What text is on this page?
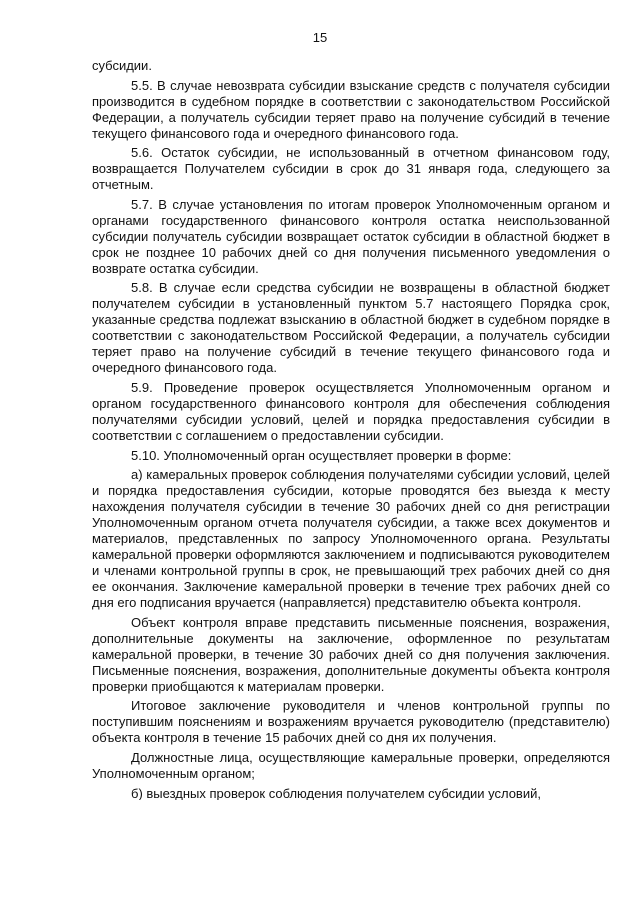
15

субсидии.

5.5. В случае невозврата субсидии взыскание средств с получателя субсидии производится в судебном порядке в соответствии с законодательством Российской Федерации, а получатель субсидии теряет право на получение субсидий в течение текущего финансового года и очередного финансового года.

5.6. Остаток субсидии, не использованный в отчетном финансовом году, возвращается Получателем субсидии в срок до 31 января года, следующего за отчетным.

5.7. В случае установления по итогам проверок Уполномоченным органом и органами государственного финансового контроля остатка неиспользованной субсидии получатель субсидии возвращает остаток субсидии в областной бюджет в срок не позднее 10 рабочих дней со дня получения письменного уведомления о возврате остатка субсидии.

5.8. В случае если средства субсидии не возвращены в областной бюджет получателем субсидии в установленный пунктом 5.7 настоящего Порядка срок, указанные средства подлежат взысканию в областной бюджет в судебном порядке в соответствии с законодательством Российской Федерации, а получатель субсидии теряет право на получение субсидий в течение текущего финансового года и очередного финансового года.

5.9. Проведение проверок осуществляется Уполномоченным органом и органом государственного финансового контроля для обеспечения соблюдения получателями субсидии условий, целей и порядка предоставления субсидии в соответствии с соглашением о предоставлении субсидии.

5.10. Уполномоченный орган осуществляет проверки в форме:

а) камеральных проверок соблюдения получателями субсидии условий, целей и порядка предоставления субсидии, которые проводятся без выезда к месту нахождения получателя субсидии в течение 30 рабочих дней со дня регистрации Уполномоченным органом отчета получателя субсидии, а также всех документов и материалов, представленных по запросу Уполномоченного органа. Результаты камеральной проверки оформляются заключением и подписываются руководителем и членами контрольной группы в срок, не превышающий трех рабочих дней со дня ее окончания. Заключение камеральной проверки в течение трех рабочих дней со дня его подписания вручается (направляется) представителю объекта контроля.

Объект контроля вправе представить письменные пояснения, возражения, дополнительные документы на заключение, оформленное по результатам камеральной проверки, в течение 30 рабочих дней со дня получения заключения. Письменные пояснения, возражения, дополнительные документы объекта контроля проверки приобщаются к материалам проверки.

Итоговое заключение руководителя и членов контрольной группы по поступившим пояснениям и возражениям вручается руководителю (представителю) объекта контроля в течение 15 рабочих дней со дня их получения.

Должностные лица, осуществляющие камеральные проверки, определяются Уполномоченным органом;

б) выездных проверок соблюдения получателем субсидии условий,
